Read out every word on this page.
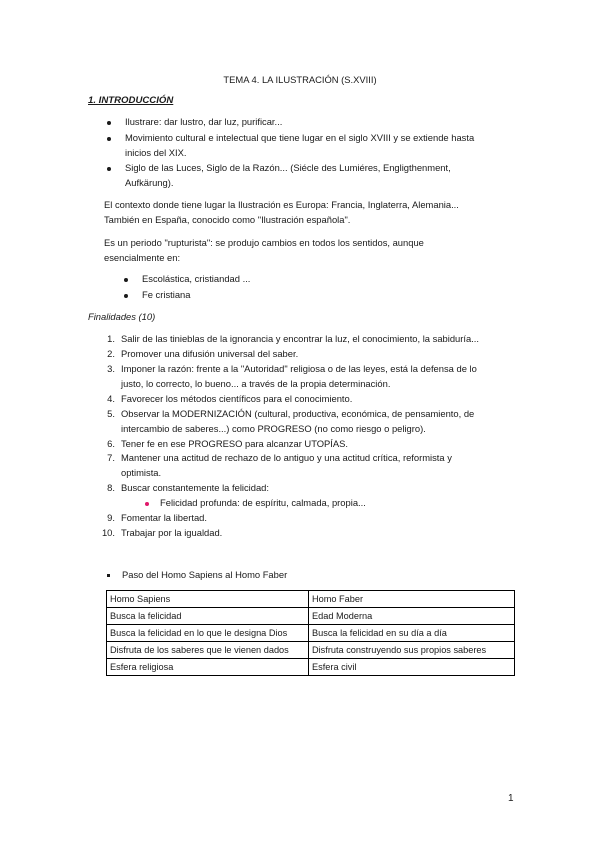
TEMA 4. LA ILUSTRACIÓN (S.XVIII)
1. INTRODUCCIÓN
Ilustrare: dar lustro, dar luz, purificar...
Movimiento cultural e intelectual que tiene lugar en el siglo XVIII y se extiende hasta
inicios del XIX.
Siglo de las Luces, Siglo de la Razón... (Siécle des Lumiéres, Engligthenment,
Aufkärung).
El contexto donde tiene lugar la Ilustración es Europa: Francia, Inglaterra, Alemania...
También en España, conocido como "Ilustración española".
Es un periodo "rupturista": se produjo cambios en todos los sentidos, aunque
esencialmente en:
Escolástica, cristiandad ...
Fe cristiana
Finalidades (10)
1. Salir de las tinieblas de la ignorancia y encontrar la luz, el conocimiento, la sabiduría...
2. Promover una difusión universal del saber.
3. Imponer la razón: frente a la "Autoridad" religiosa o de las leyes, está la defensa de lo
justo, lo correcto, lo bueno... a través de la propia determinación.
4. Favorecer los métodos científicos para el conocimiento.
5. Observar la MODERNIZACIÓN (cultural, productiva, económica, de pensamiento, de
intercambio de saberes...) como PROGRESO (no como riesgo o peligro).
6. Tener fe en ese PROGRESO para alcanzar UTOPÍAS.
7. Mantener una actitud de rechazo de lo antiguo y una actitud crítica, reformista y
optimista.
8. Buscar constantemente la felicidad:
Felicidad profunda: de espíritu, calmada, propia...
9. Fomentar la libertad.
10. Trabajar por la igualdad.
Paso del Homo Sapiens al Homo Faber
Homo Sapiens	Homo Faber
Busca la felicidad	Edad Moderna
Busca la felicidad en lo que le designa Dios	Busca la felicidad en su día a día
Disfruta de los saberes que le vienen dados	Disfruta construyendo sus propios saberes
Esfera religiosa	Esfera civil
1
